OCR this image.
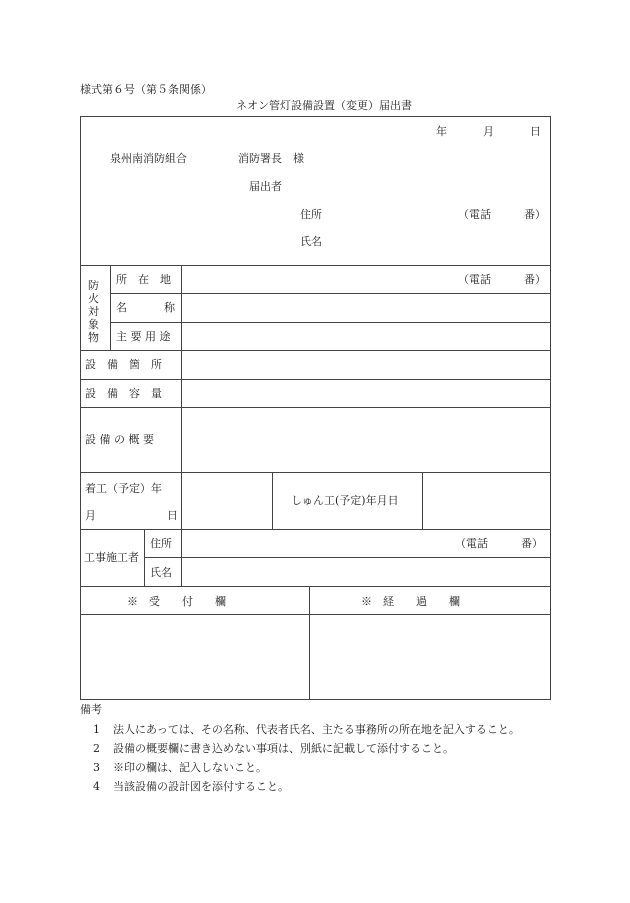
様式第６号（第５条関係）
ネオン管灯設備設置（変更）届出書
年	月	日
泉州南消防組合	消防署長　様
届出者
住所	（電話　　　番）
氏名
防
火
対
象
物
所　在　地	（電話　　　番）
名	称
主 要 用 途
設　備　箇　所
設　備　容　量
設 備 の 概 要
着工（予定）年
月	日
しゅん工(予定)年月日
工事施工者
住所	（電話　　　番）
氏名
※　受　　付　　欄	※　経　　過　　欄
備考
1 法人にあっては、その名称、代表者氏名、主たる事務所の所在地を記入すること。
2 設備の概要欄に書き込めない事項は、別紙に記載して添付すること。
3 ※印の欄は、記入しないこと。
4 当該設備の設計図を添付すること。
